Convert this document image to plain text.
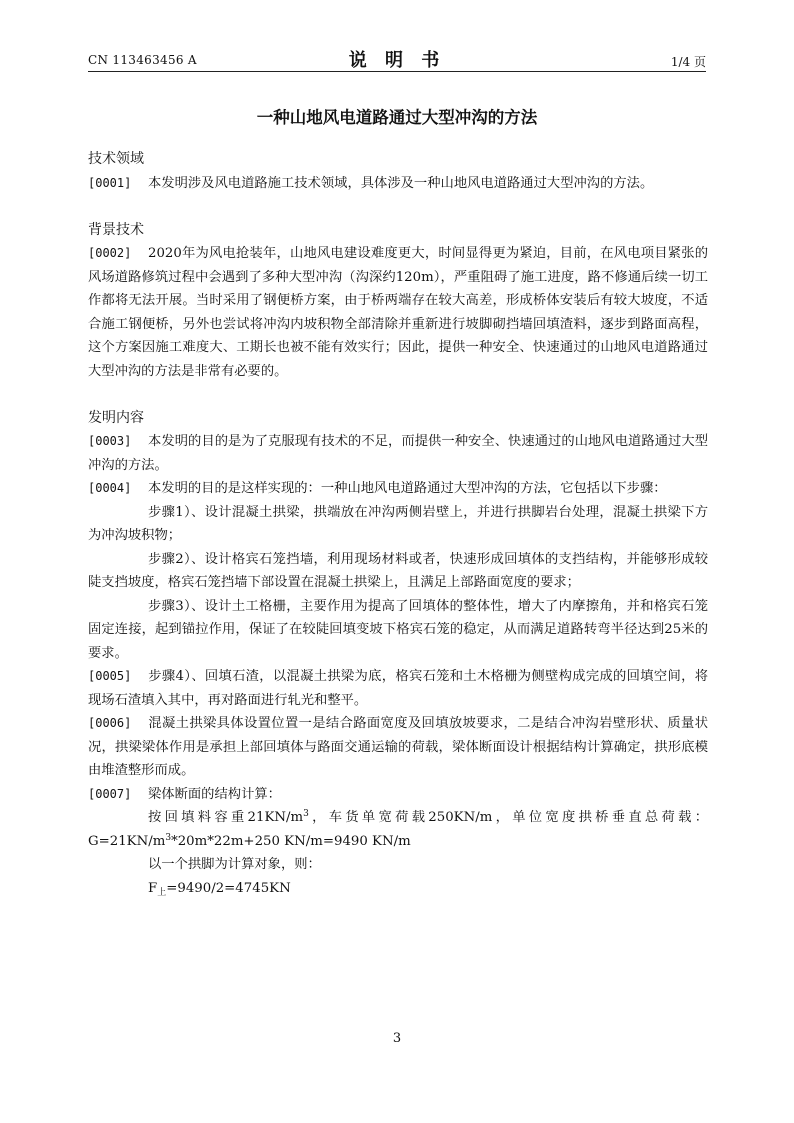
CN 113463456 A	说 明 书	1/4 页
一种山地风电道路通过大型冲沟的方法
技术领域

[0001] 本发明涉及风电道路施工技术领域，具体涉及一种山地风电道路通过大型冲沟的方法。

背景技术

[0002] 2020年为风电抢装年，山地风电建设难度更大，时间显得更为紧迫，目前，在风电项目紧张的风场道路修筑过程中会遇到了多种大型冲沟（沟深约120m），严重阻碍了施工进度，路不修通后续一切工作都将无法开展。当时采用了钢便桥方案，由于桥两端存在较大高差，形成桥体安装后有较大坡度，不适合施工钢便桥，另外也尝试将冲沟内坡积物全部清除并重新进行坡脚砌挡墙回填渣料，逐步到路面高程，这个方案因施工难度大、工期长也被不能有效实行；因此，提供一种安全、快速通过的山地风电道路通过大型冲沟的方法是非常有必要的。

发明内容

[0003] 本发明的目的是为了克服现有技术的不足，而提供一种安全、快速通过的山地风电道路通过大型冲沟的方法。

[0004] 本发明的目的是这样实现的：一种山地风电道路通过大型冲沟的方法，它包括以下步骤：

步骤1）、设计混凝土拱梁，拱端放在冲沟两侧岩壁上，并进行拱脚岩台处理，混凝土拱梁下方为冲沟坡积物；

步骤2）、设计格宾石笼挡墙，利用现场材料或者，快速形成回填体的支挡结构，并能够形成较陡支挡坡度，格宾石笼挡墙下部设置在混凝土拱梁上，且满足上部路面宽度的要求；

步骤3）、设计土工格栅，主要作用为提高了回填体的整体性，增大了内摩擦角，并和格宾石笼固定连接，起到锚拉作用，保证了在较陡回填变坡下格宾石笼的稳定，从而满足道路转弯半径达到25米的要求。

[0005] 步骤4）、回填石渣，以混凝土拱梁为底，格宾石笼和土木格栅为侧壁构成完成的回填空间，将现场石渣填入其中，再对路面进行轧光和整平。

[0006] 混凝土拱梁具体设置位置一是结合路面宽度及回填放坡要求，二是结合冲沟岩壁形状、质量状况，拱梁梁体作用是承担上部回填体与路面交通运输的荷载，梁体断面设计根据结构计算确定，拱形底模由堆渣整形而成。

[0007] 梁体断面的结构计算：

按回填料容重$21KN/m^3$，车货单宽荷载250KN/m，单位宽度拱桥垂直总荷载：$G=21KN/m^3*20m*22m+250$ KN/m=9490 KN/m

以一个拱脚为计算对象，则：

$F_上=9490/2=4745KN$

3
